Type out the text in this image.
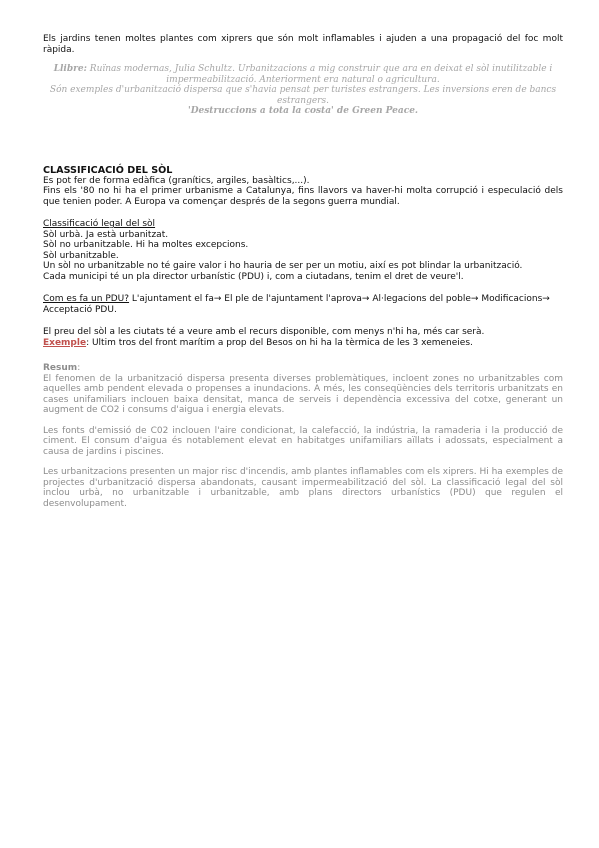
Els jardins tenen moltes plantes com xiprers que són molt inflamables i ajuden a una propagació del foc molt ràpida.

Llibre: Ruïnas modernas, Julia Schultz. Urbanitzacions a mig construir que ara en deixat el sòl inutilitzable i impermeabilització. Anteriorment era natural o agricultura.

Són exemples d'urbanització dispersa que s'havia pensat per turistes estrangers. Les inversions eren de bancs estrangers.

'Destruccions a tota la costa' de Green Peace.

CLASSIFICACIÓ DEL SÒL

Es pot fer de forma edàfica (granítics, argiles, basàltics,...).

Fins els '80 no hi ha el primer urbanisme a Catalunya, fins llavors va haver-hi molta corrupció i especulació dels que tenien poder. A Europa va començar després de la segons guerra mundial.

Classificació legal del sòl

Sòl urbà. Ja està urbanitzat.

Sòl no urbanitzable. Hi ha moltes excepcions.

Sòl urbanitzable.

Un sòl no urbanitzable no té gaire valor i ho hauria de ser per un motiu, així es pot blindar la urbanització.

Cada municipi té un pla director urbanístic (PDU) i, com a ciutadans, tenim el dret de veure'l.

Com es fa un PDU? L'ajuntament el fa→ El ple de l'ajuntament l'aprova→ Al·legacions del poble→ Modificacions→ Acceptació PDU.

El preu del sòl a les ciutats té a veure amb el recurs disponible, com menys n'hi ha, més car serà.

Exemple: Ultim tros del front marítim a prop del Besos on hi ha la tèrmica de les 3 xemeneies.

Resum:

El fenomen de la urbanització dispersa presenta diverses problemàtiques, incloent zones no urbanitzables com aquelles amb pendent elevada o propenses a inundacions. A més, les conseqüències dels territoris urbanitzats en cases unifamiliars inclouen baixa densitat, manca de serveis i dependència excessiva del cotxe, generant un augment de CO2 i consums d'aigua i energia elevats.

Les fonts d'emissió de C02 inclouen l'aire condicionat, la calefacció, la indústria, la ramaderia i la producció de ciment. El consum d'aigua és notablement elevat en habitatges unifamiliars aïllats i adossats, especialment a causa de jardins i piscines.

Les urbanitzacions presenten un major risc d'incendis, amb plantes inflamables com els xiprers. Hi ha exemples de projectes d'urbanització dispersa abandonats, causant impermeabilització del sòl. La classificació legal del sòl inclou urbà, no urbanitzable i urbanitzable, amb plans directors urbanístics (PDU) que regulen el desenvolupament.
